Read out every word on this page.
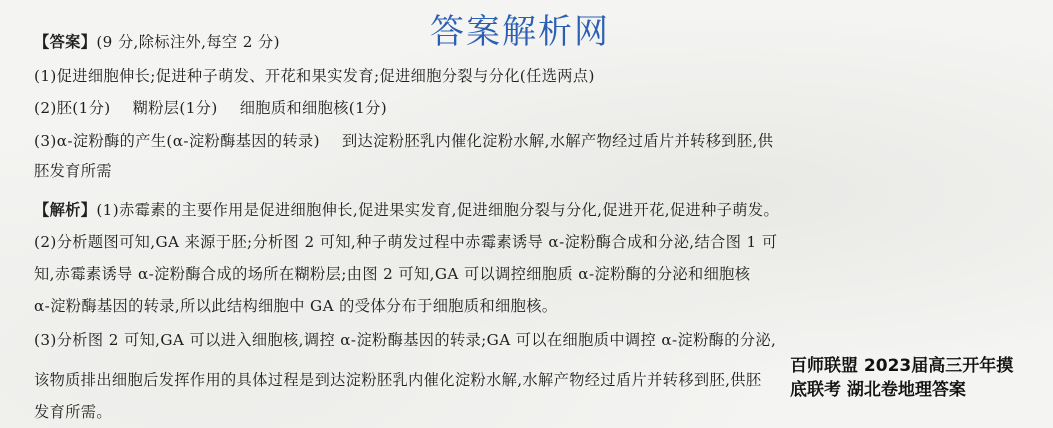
答案解析网
【答案】(9 分,除标注外,每空 2 分)
(1)促进细胞伸长;促进种子萌发、开花和果实发育;促进细胞分裂与分化(任选两点)
(2)胚(1分) 糊粉层(1分) 细胞质和细胞核(1分)
(3)α-淀粉酶的产生(α-淀粉酶基因的转录) 到达淀粉胚乳内催化淀粉水解,水解产物经过盾片并转移到胚,供
胚发育所需
【解析】(1)赤霉素的主要作用是促进细胞伸长,促进果实发育,促进细胞分裂与分化,促进开花,促进种子萌发。
(2)分析题图可知,GA 来源于胚;分析图 2 可知,种子萌发过程中赤霉素诱导 α-淀粉酶合成和分泌,结合图 1 可
知,赤霉素诱导 α-淀粉酶合成的场所在糊粉层;由图 2 可知,GA 可以调控细胞质 α-淀粉酶的分泌和细胞核
α-淀粉酶基因的转录,所以此结构细胞中 GA 的受体分布于细胞质和细胞核。
(3)分析图 2 可知,GA 可以进入细胞核,调控 α-淀粉酶基因的转录;GA 可以在细胞质中调控 α-淀粉酶的分泌,
该物质排出细胞后发挥作用的具体过程是到达淀粉胚乳内催化淀粉水解,水解产物经过盾片并转移到胚,供胚
发育所需。
百师联盟 2023届高三开年摸
底联考 湖北卷地理答案
